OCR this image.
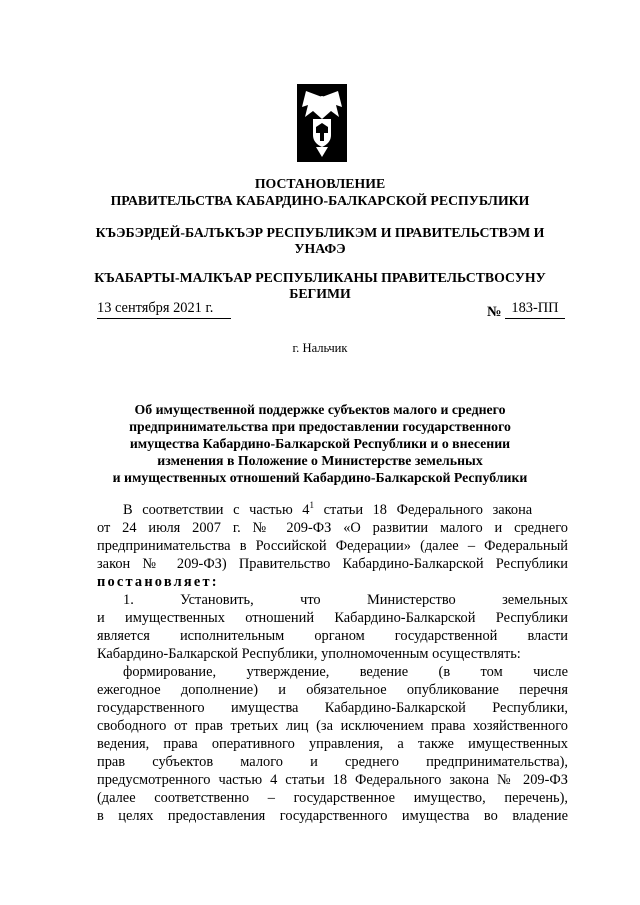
ПОСТАНОВЛЕНИЕ
ПРАВИТЕЛЬСТВА КАБАРДИНО-БАЛКАРСКОЙ РЕСПУБЛИКИ
КЪЭБЭРДЕЙ-БАЛЪКЪЭР РЕСПУБЛИКЭМ И ПРАВИТЕЛЬСТВЭМ И
УНАФЭ
КЪАБАРТЫ-МАЛКЪАР РЕСПУБЛИКАНЫ ПРАВИТЕЛЬСТВОСУНУ
БЕГИМИ
13 сентября 2021 г.	№ 183-ПП
г. Нальчик
Об имущественной поддержке субъектов малого и среднего
предпринимательства при предоставлении государственного
имущества Кабардино-Балкарской Республики и о внесении
изменения в Положение о Министерстве земельных
и имущественных отношений Кабардино-Балкарской Республики
В соответствии с частью $4^1$ статьи 18 Федерального закона
от 24 июля 2007 г. № 209-ФЗ «О развитии малого и среднего
предпринимательства в Российской Федерации» (далее – Федеральный
закон № 209-ФЗ) Правительство Кабардино-Балкарской Республики
постановляет:
1. Установить, что Министерство земельных
и имущественных отношений Кабардино-Балкарской Республики
является исполнительным органом государственной власти
Кабардино-Балкарской Республики, уполномоченным осуществлять:
формирование, утверждение, ведение (в том числе
ежегодное дополнение) и обязательное опубликование перечня
государственного имущества Кабардино-Балкарской Республики,
свободного от прав третьих лиц (за исключением права хозяйственного
ведения, права оперативного управления, а также имущественных
прав субъектов малого и среднего предпринимательства),
предусмотренного частью 4 статьи 18 Федерального закона № 209-ФЗ
(далее соответственно – государственное имущество, перечень),
в целях предоставления государственного имущества во владение
